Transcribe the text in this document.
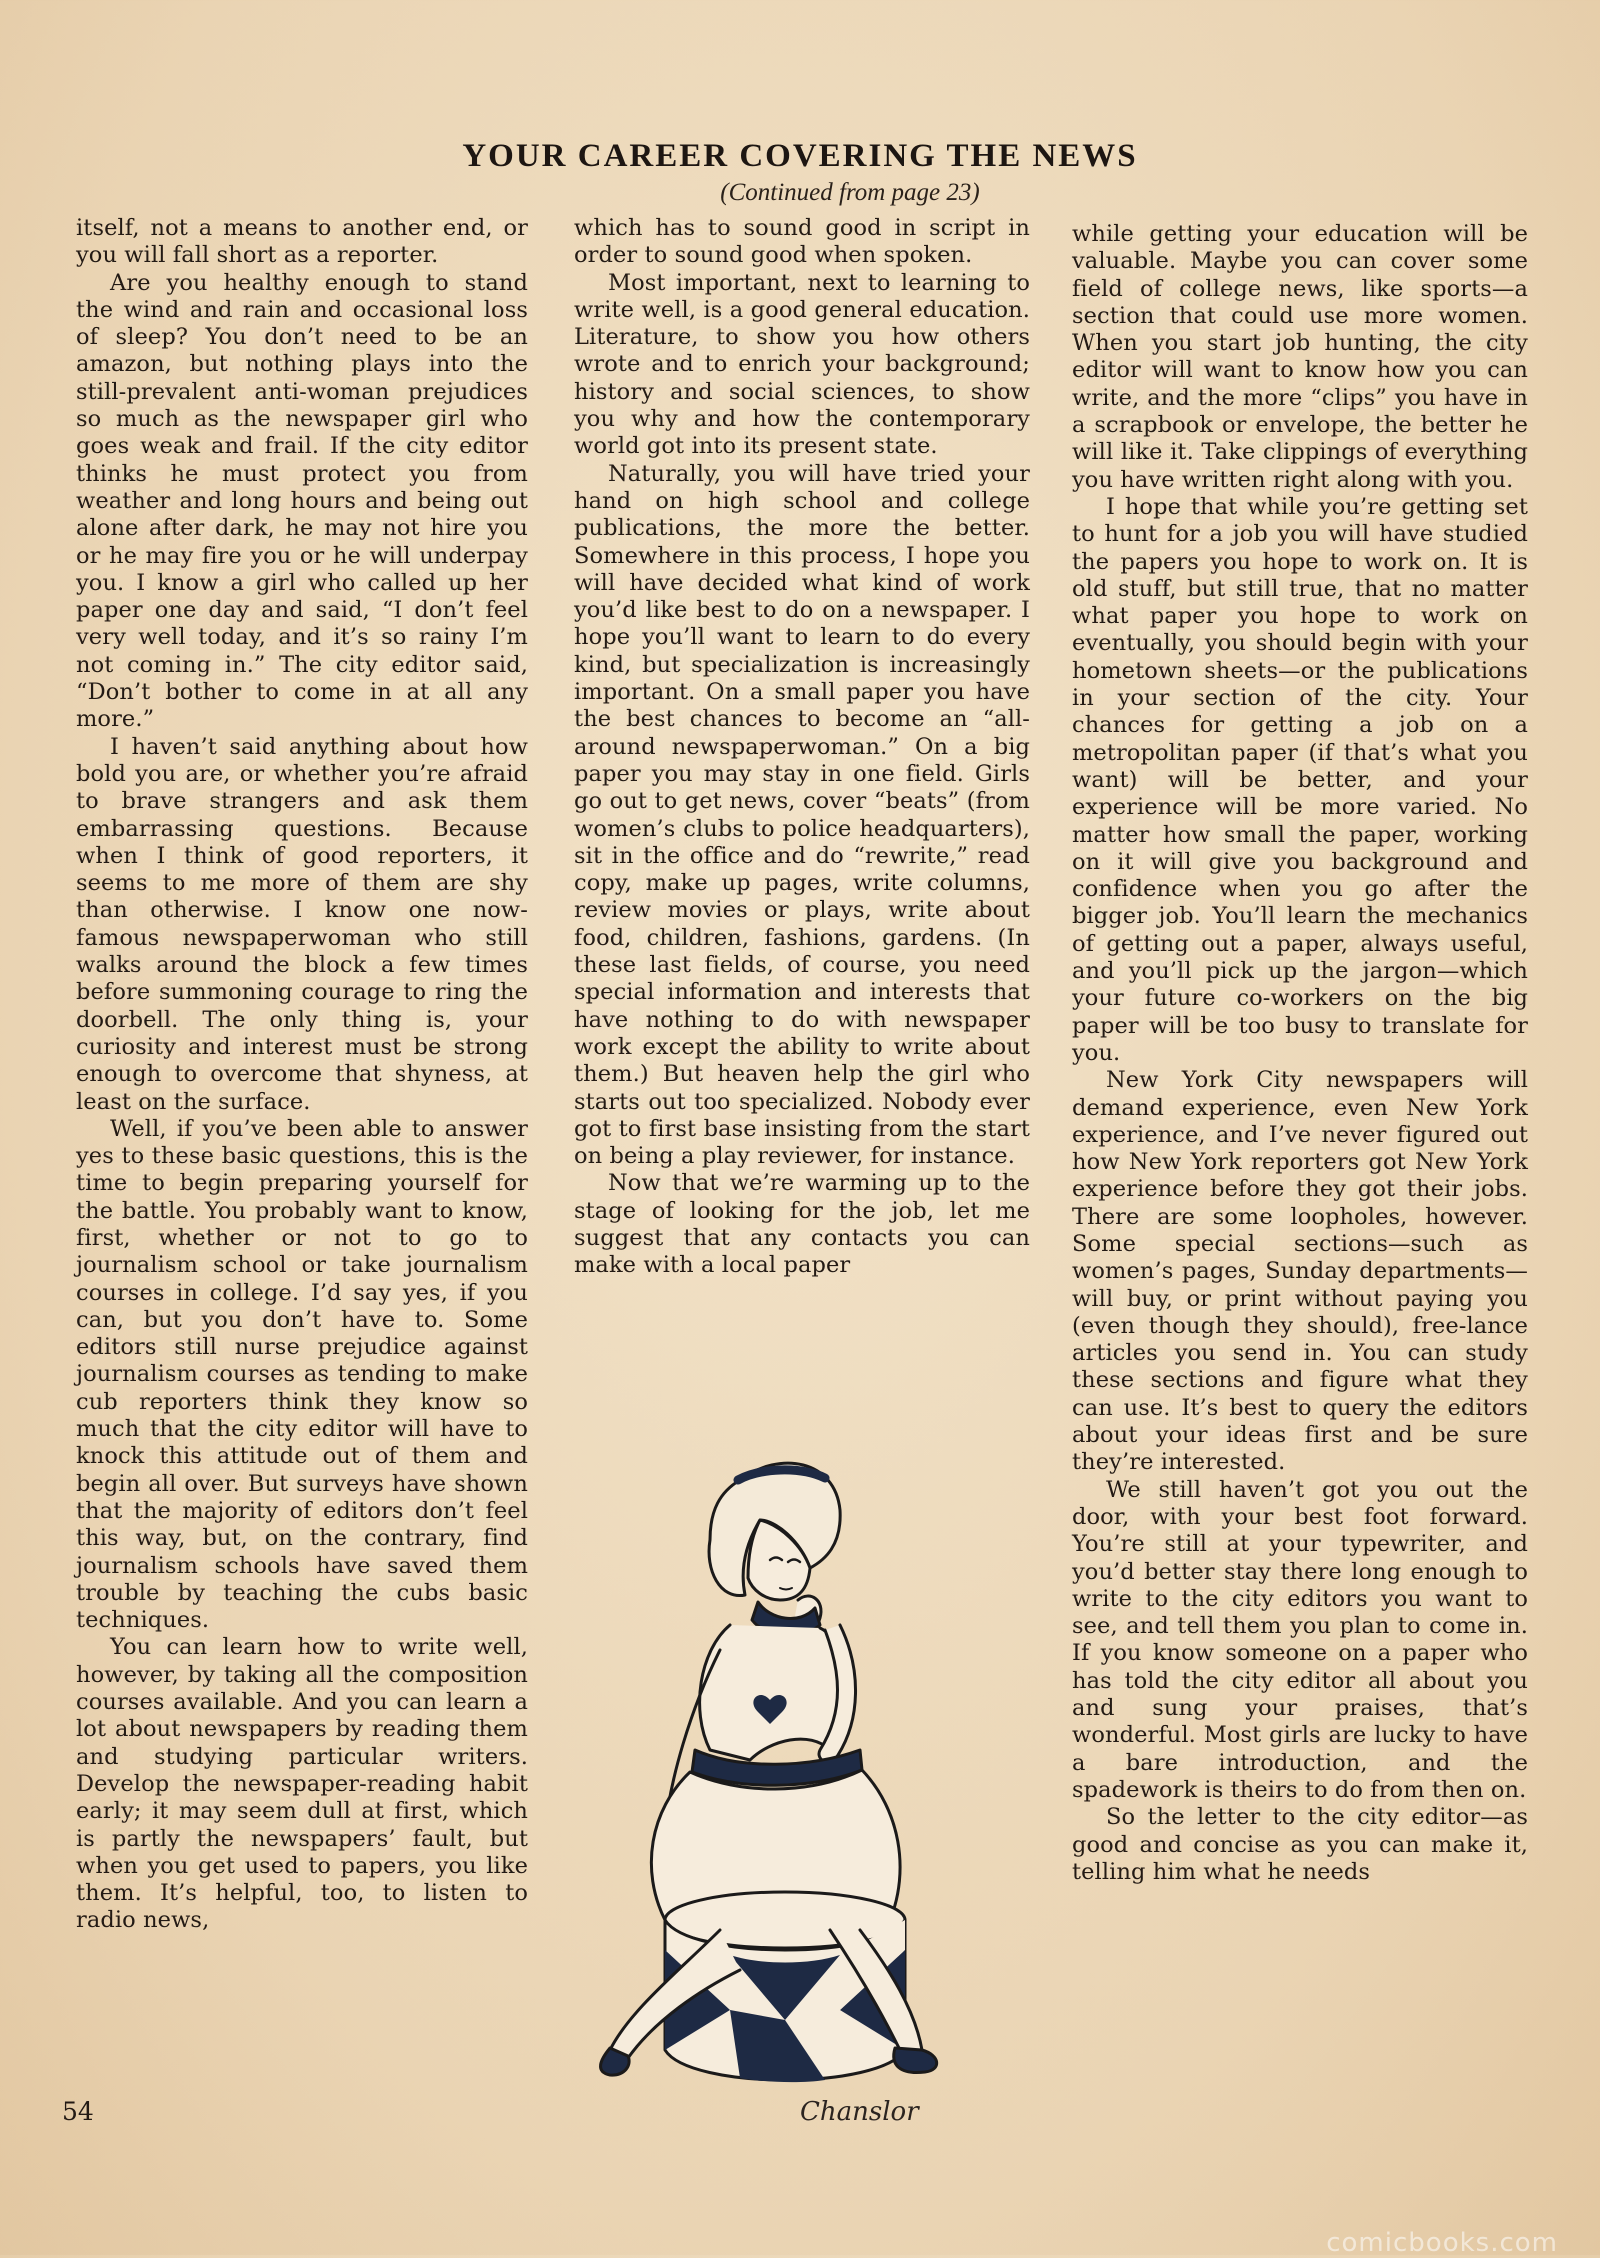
YOUR CAREER COVERING THE NEWS
(Continued from page 23)

itself, not a means to another end, or you will fall short as a reporter.

Are you healthy enough to stand the wind and rain and occasional loss of sleep? You don’t need to be an amazon, but nothing plays into the still-prevalent anti-woman prejudices so much as the newspaper girl who goes weak and frail. If the city editor thinks he must protect you from weather and long hours and being out alone after dark, he may not hire you or he may fire you or he will underpay you. I know a girl who called up her paper one day and said, “I don’t feel very well today, and it’s so rainy I’m not coming in.” The city editor said, “Don’t bother to come in at all any more.”

I haven’t said anything about how bold you are, or whether you’re afraid to brave strangers and ask them embarrassing questions. Because when I think of good reporters, it seems to me more of them are shy than otherwise. I know one now-famous newspaperwoman who still walks around the block a few times before summoning courage to ring the doorbell. The only thing is, your curiosity and interest must be strong enough to overcome that shyness, at least on the surface.

Well, if you’ve been able to answer yes to these basic questions, this is the time to begin preparing yourself for the battle. You probably want to know, first, whether or not to go to journalism school or take journalism courses in college. I’d say yes, if you can, but you don’t have to. Some editors still nurse prejudice against journalism courses as tending to make cub reporters think they know so much that the city editor will have to knock this attitude out of them and begin all over. But surveys have shown that the majority of editors don’t feel this way, but, on the contrary, find journalism schools have saved them trouble by teaching the cubs basic techniques.

You can learn how to write well, however, by taking all the composition courses available. And you can learn a lot about newspapers by reading them and studying particular writers. Develop the newspaper-reading habit early; it may seem dull at first, which is partly the newspapers’ fault, but when you get used to papers, you like them. It’s helpful, too, to listen to radio news,

which has to sound good in script in order to sound good when spoken.

Most important, next to learning to write well, is a good general education. Literature, to show you how others wrote and to enrich your background; history and social sciences, to show you why and how the contemporary world got into its present state.

Naturally, you will have tried your hand on high school and college publications, the more the better. Somewhere in this process, I hope you will have decided what kind of work you’d like best to do on a newspaper. I hope you’ll want to learn to do every kind, but specialization is increasingly important. On a small paper you have the best chances to become an “all-around newspaperwoman.” On a big paper you may stay in one field. Girls go out to get news, cover “beats” (from women’s clubs to police headquarters), sit in the office and do “rewrite,” read copy, make up pages, write columns, review movies or plays, write about food, children, fashions, gardens. (In these last fields, of course, you need special information and interests that have nothing to do with newspaper work except the ability to write about them.) But heaven help the girl who starts out too specialized. Nobody ever got to first base insisting from the start on being a play reviewer, for instance.

Now that we’re warming up to the stage of looking for the job, let me suggest that any contacts you can make with a local paper

while getting your education will be valuable. Maybe you can cover some field of college news, like sports—a section that could use more women. When you start job hunting, the city editor will want to know how you can write, and the more “clips” you have in a scrapbook or envelope, the better he will like it. Take clippings of everything you have written right along with you.

I hope that while you’re getting set to hunt for a job you will have studied the papers you hope to work on. It is old stuff, but still true, that no matter what paper you hope to work on eventually, you should begin with your hometown sheets—or the publications in your section of the city. Your chances for getting a job on a metropolitan paper (if that’s what you want) will be better, and your experience will be more varied. No matter how small the paper, working on it will give you background and confidence when you go after the bigger job. You’ll learn the mechanics of getting out a paper, always useful, and you’ll pick up the jargon—which your future co-workers on the big paper will be too busy to translate for you.

New York City newspapers will demand experience, even New York experience, and I’ve never figured out how New York reporters got New York experience before they got their jobs. There are some loopholes, however. Some special sections—such as women’s pages, Sunday departments—will buy, or print without paying you (even though they should), free-lance articles you send in. You can study these sections and figure what they can use. It’s best to query the editors about your ideas first and be sure they’re interested.

We still haven’t got you out the door, with your best foot forward. You’re still at your typewriter, and you’d better stay there long enough to write to the city editors you want to see, and tell them you plan to come in. If you know someone on a paper who has told the city editor all about you and sung your praises, that’s wonderful. Most girls are lucky to have a bare introduction, and the spadework is theirs to do from then on.

So the letter to the city editor—as good and concise as you can make it, telling him what he needs

Chanslor
54
comicbooks.com
